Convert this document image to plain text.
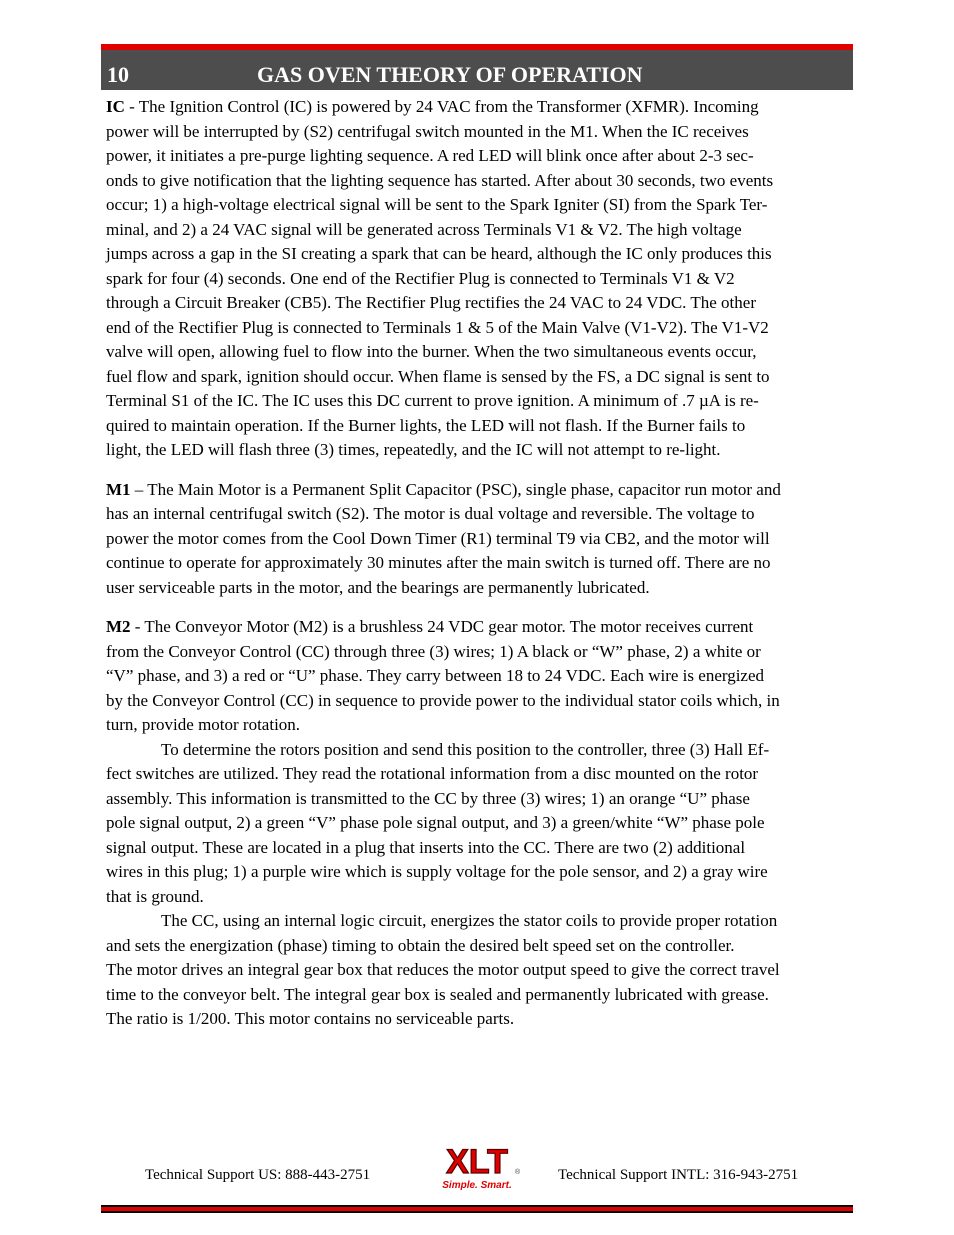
10	GAS OVEN THEORY OF OPERATION

IC - The Ignition Control (IC) is powered by 24 VAC from the Transformer (XFMR). Incoming
power will be interrupted by (S2) centrifugal switch mounted in the M1. When the IC receives
power, it initiates a pre-purge lighting sequence. A red LED will blink once after about 2-3 sec-
onds to give notification that the lighting sequence has started. After about 30 seconds, two events
occur; 1) a high-voltage electrical signal will be sent to the Spark Igniter (SI) from the Spark Ter-
minal, and 2) a 24 VAC signal will be generated across Terminals V1 & V2. The high voltage
jumps across a gap in the SI creating a spark that can be heard, although the IC only produces this
spark for four (4) seconds. One end of the Rectifier Plug is connected to Terminals V1 & V2
through a Circuit Breaker (CB5). The Rectifier Plug rectifies the 24 VAC to 24 VDC. The other
end of the Rectifier Plug is connected to Terminals 1 & 5 of the Main Valve (V1-V2). The V1-V2
valve will open, allowing fuel to flow into the burner. When the two simultaneous events occur,
fuel flow and spark, ignition should occur. When flame is sensed by the FS, a DC signal is sent to
Terminal S1 of the IC. The IC uses this DC current to prove ignition. A minimum of .7 µA is re-
quired to maintain operation. If the Burner lights, the LED will not flash. If the Burner fails to
light, the LED will flash three (3) times, repeatedly, and the IC will not attempt to re-light.

M1 – The Main Motor is a Permanent Split Capacitor (PSC), single phase, capacitor run motor and
has an internal centrifugal switch (S2). The motor is dual voltage and reversible. The voltage to
power the motor comes from the Cool Down Timer (R1) terminal T9 via CB2, and the motor will
continue to operate for approximately 30 minutes after the main switch is turned off. There are no
user serviceable parts in the motor, and the bearings are permanently lubricated.

M2 - The Conveyor Motor (M2) is a brushless 24 VDC gear motor. The motor receives current
from the Conveyor Control (CC) through three (3) wires; 1) A black or “W” phase, 2) a white or
“V” phase, and 3) a red or “U” phase. They carry between 18 to 24 VDC. Each wire is energized
by the Conveyor Control (CC) in sequence to provide power to the individual stator coils which, in
turn, provide motor rotation.

To determine the rotors position and send this position to the controller, three (3) Hall Ef-
fect switches are utilized. They read the rotational information from a disc mounted on the rotor
assembly. This information is transmitted to the CC by three (3) wires; 1) an orange “U” phase
pole signal output, 2) a green “V” phase pole signal output, and 3) a green/white “W” phase pole
signal output. These are located in a plug that inserts into the CC. There are two (2) additional
wires in this plug; 1) a purple wire which is supply voltage for the pole sensor, and 2) a gray wire
that is ground.

The CC, using an internal logic circuit, energizes the stator coils to provide proper rotation
and sets the energization (phase) timing to obtain the desired belt speed set on the controller.
The motor drives an integral gear box that reduces the motor output speed to give the correct travel
time to the conveyor belt. The integral gear box is sealed and permanently lubricated with grease.
The ratio is 1/200. This motor contains no serviceable parts.

Technical Support US: 888-443-2751 XLT ®
Simple. Smart.
Technical Support INTL: 316-943-2751
